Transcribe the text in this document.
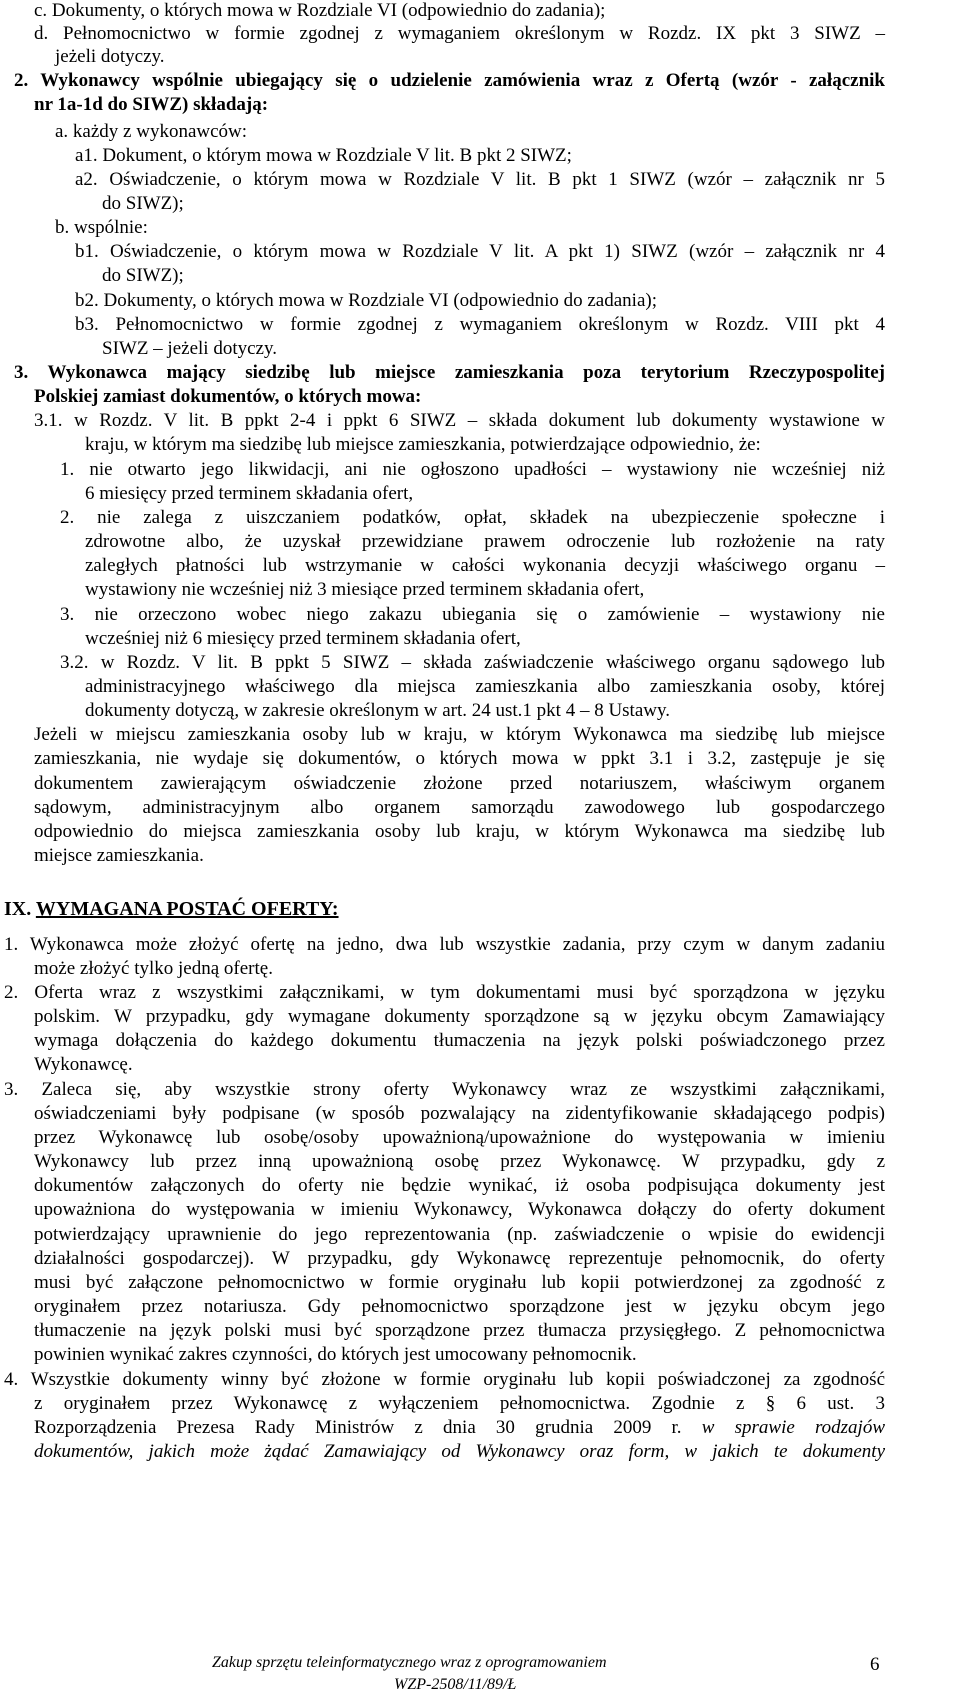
c. Dokumenty, o których mowa w Rozdziale VI (odpowiednio do zadania);

d. Pełnomocnictwo w formie zgodnej z wymaganiem określonym w Rozdz. IX pkt 3 SIWZ –

jeżeli dotyczy.

2. Wykonawcy wspólnie ubiegający się o udzielenie zamówienia wraz z Ofertą (wzór - załącznik

nr 1a-1d do SIWZ) składają:

a. każdy z wykonawców:

a1. Dokument, o którym mowa w Rozdziale V lit. B pkt 2 SIWZ;

a2. Oświadczenie, o którym mowa w Rozdziale V lit. B pkt 1 SIWZ (wzór – załącznik nr 5

do SIWZ);

b. wspólnie:

b1. Oświadczenie, o którym mowa w Rozdziale V lit. A pkt 1) SIWZ (wzór – załącznik nr 4

do SIWZ);

b2. Dokumenty, o których mowa w Rozdziale VI (odpowiednio do zadania);

b3. Pełnomocnictwo w formie zgodnej z wymaganiem określonym w Rozdz. VIII pkt 4

SIWZ – jeżeli dotyczy.

3. Wykonawca mający siedzibę lub miejsce zamieszkania poza terytorium Rzeczypospolitej

Polskiej zamiast dokumentów, o których mowa:

3.1. w Rozdz. V lit. B ppkt 2-4 i ppkt 6 SIWZ – składa dokument lub dokumenty wystawione w

kraju, w którym ma siedzibę lub miejsce zamieszkania, potwierdzające odpowiednio, że:

1. nie otwarto jego likwidacji, ani nie ogłoszono upadłości – wystawiony nie wcześniej niż

6 miesięcy przed terminem składania ofert,

2. nie zalega z uiszczaniem podatków, opłat, składek na ubezpieczenie społeczne i

zdrowotne albo, że uzyskał przewidziane prawem odroczenie lub rozłożenie na raty

zaległych płatności lub wstrzymanie w całości wykonania decyzji właściwego organu –

wystawiony nie wcześniej niż 3 miesiące przed terminem składania ofert,

3. nie orzeczono wobec niego zakazu ubiegania się o zamówienie – wystawiony nie

wcześniej niż 6 miesięcy przed terminem składania ofert,

3.2. w Rozdz. V lit. B ppkt 5 SIWZ – składa zaświadczenie właściwego organu sądowego lub

administracyjnego właściwego dla miejsca zamieszkania albo zamieszkania osoby, której

dokumenty dotyczą, w zakresie określonym w art. 24 ust.1 pkt 4 – 8 Ustawy.

Jeżeli w miejscu zamieszkania osoby lub w kraju, w którym Wykonawca ma siedzibę lub miejsce

zamieszkania, nie wydaje się dokumentów, o których mowa w ppkt 3.1 i 3.2, zastępuje je się

dokumentem zawierającym oświadczenie złożone przed notariuszem, właściwym organem

sądowym, administracyjnym albo organem samorządu zawodowego lub gospodarczego

odpowiednio do miejsca zamieszkania osoby lub kraju, w którym Wykonawca ma siedzibę lub

miejsce zamieszkania.

IX. WYMAGANA POSTAĆ OFERTY:

1. Wykonawca może złożyć ofertę na jedno, dwa lub wszystkie zadania, przy czym w danym zadaniu

może złożyć tylko jedną ofertę.

2. Oferta wraz z wszystkimi załącznikami, w tym dokumentami musi być sporządzona w języku

polskim. W przypadku, gdy wymagane dokumenty sporządzone są w języku obcym Zamawiający

wymaga dołączenia do każdego dokumentu tłumaczenia na język polski poświadczonego przez

Wykonawcę.

3. Zaleca się, aby wszystkie strony oferty Wykonawcy wraz ze wszystkimi załącznikami,

oświadczeniami były podpisane (w sposób pozwalający na zidentyfikowanie składającego podpis)

przez Wykonawcę lub osobę/osoby upoważnioną/upoważnione do występowania w imieniu

Wykonawcy lub przez inną upoważnioną osobę przez Wykonawcę. W przypadku, gdy z

dokumentów załączonych do oferty nie będzie wynikać, iż osoba podpisująca dokumenty jest

upoważniona do występowania w imieniu Wykonawcy, Wykonawca dołączy do oferty dokument

potwierdzający uprawnienie do jego reprezentowania (np. zaświadczenie o wpisie do ewidencji

działalności gospodarczej). W przypadku, gdy Wykonawcę reprezentuje pełnomocnik, do oferty

musi być załączone pełnomocnictwo w formie oryginału lub kopii potwierdzonej za zgodność z

oryginałem przez notariusza. Gdy pełnomocnictwo sporządzone jest w języku obcym jego

tłumaczenie na język polski musi być sporządzone przez tłumacza przysięgłego. Z pełnomocnictwa

powinien wynikać zakres czynności, do których jest umocowany pełnomocnik.

4. Wszystkie dokumenty winny być złożone w formie oryginału lub kopii poświadczonej za zgodność

z oryginałem przez Wykonawcę z wyłączeniem pełnomocnictwa. Zgodnie z § 6 ust. 3

Rozporządzenia Prezesa Rady Ministrów z dnia 30 grudnia 2009 r. w sprawie rodzajów

dokumentów, jakich może żądać Zamawiający od Wykonawcy oraz form, w jakich te dokumenty

Zakup sprzętu teleinformatycznego wraz z oprogramowaniem
WZP-2508/11/89/Ł
6
